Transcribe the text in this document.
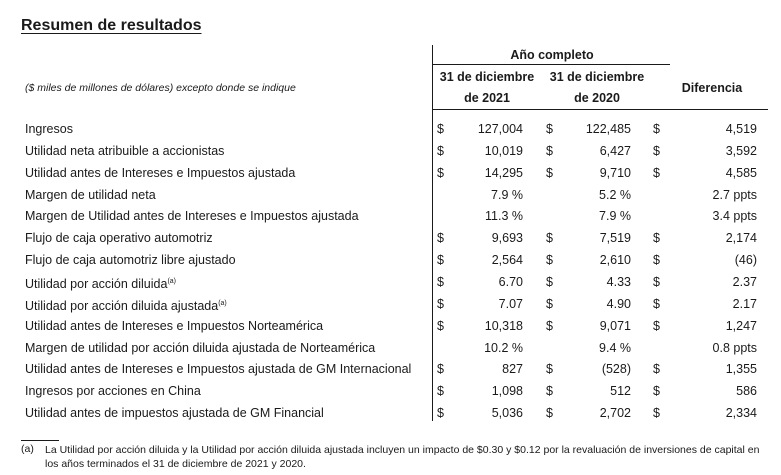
Resumen de resultados
Año completo
31 de diciembre
de 2021
31 de diciembre
de 2020
Diferencia
($ miles de millones de dólares) excepto donde se indique
Ingresos	$	127,004 $	122,485 $	4,519
Utilidad neta atribuible a accionistas	$	10,019 $	6,427 $	3,592
Utilidad antes de Intereses e Impuestos ajustada	$	14,295 $	9,710 $	4,585
Margen de utilidad neta	7.9 %	5.2 %	2.7 ppts
Margen de Utilidad antes de Intereses e Impuestos ajustada	11.3 %	7.9 %	3.4 ppts
Flujo de caja operativo automotriz	$	9,693 $	7,519 $	2,174
Flujo de caja automotriz libre ajustado	$	2,564 $	2,610 $	(46)
Utilidad por acción diluida$^{(a)}$	$	6.70 $	4.33 $	2.37
Utilidad por acción diluida ajustada$^{(a)}$	$	7.07 $	4.90 $	2.17
Utilidad antes de Intereses e Impuestos Norteamérica	$	10,318 $	9,071 $	1,247
Margen de utilidad por acción diluida ajustada de Norteamérica	10.2 %	9.4 %	0.8 ppts
Utilidad antes de Intereses e Impuestos ajustada de GM Internacional $	827 $	(528) $	1,355
Ingresos por acciones en China	$	1,098 $	512 $	586
Utilidad antes de impuestos ajustada de GM Financial	$	5,036 $	2,702 $	2,334
(a) La Utilidad por acción diluida y la Utilidad por acción diluida ajustada incluyen un impacto de $0.30 y $0.12 por la revaluación de inversiones de capital en los años terminados el 31 de diciembre de 2021 y 2020.
